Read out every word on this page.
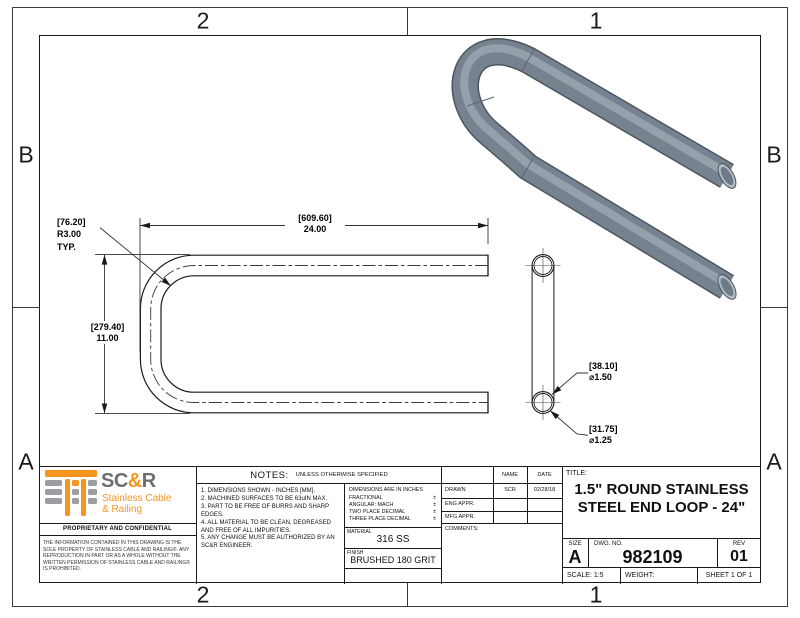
2	1
2	1
B
A
B
A
[609.60]
24.00
[279.40]
11.00
[76.20]
R3.00
TYP.
[38.10]
⌀1.50
[31.75]
⌀1.25
SC&R
Stainless Cable
& Railing
PROPRIETARY AND CONFIDENTIAL
THE INFORMATION CONTAINED IN THIS DRAWING IS THE SOLE PROPERTY OF STAINLESS CABLE AND RAILING®. ANY REPRODUCTION IN PART OR AS A WHOLE WITHOUT THE WRITTEN PERMISSION OF STAINLESS CABLE AND RAILING® IS PROHIBITED.
NOTES: UNLESS OTHERWISE SPECIFIED
1. DIMENSIONS SHOWN - INCHES [MM].
2. MACHINED SURFACES TO BE 63uIN MAX.
3. PART TO BE FREE OF BURRS AND SHARP EDGES.
4. ALL MATERIAL TO BE CLEAN, DEGREASED AND FREE OF ALL IMPURITIES.
5. ANY CHANGE MUST BE AUTHORIZED BY AN SC&R ENGINEER.
DIMENSIONS ARE IN INCHES
FRACTIONAL	±
ANGULAR: MACH	±
TWO PLACE DECIMAL	±
THREE PLACE DECIMAL	±
MATERIAL
316 SS
FINISH
BRUSHED 180 GRIT
NAME	DATE
DRAWN	SCR	02/28/18
ENG APPR.
MFG APPR.
COMMENTS:
TITLE:
1.5" ROUND STAINLESS
STEEL END LOOP - 24"
SIZE
A
DWG. NO.
982109
REV
01
SCALE: 1:5	WEIGHT:	SHEET 1 OF 1
